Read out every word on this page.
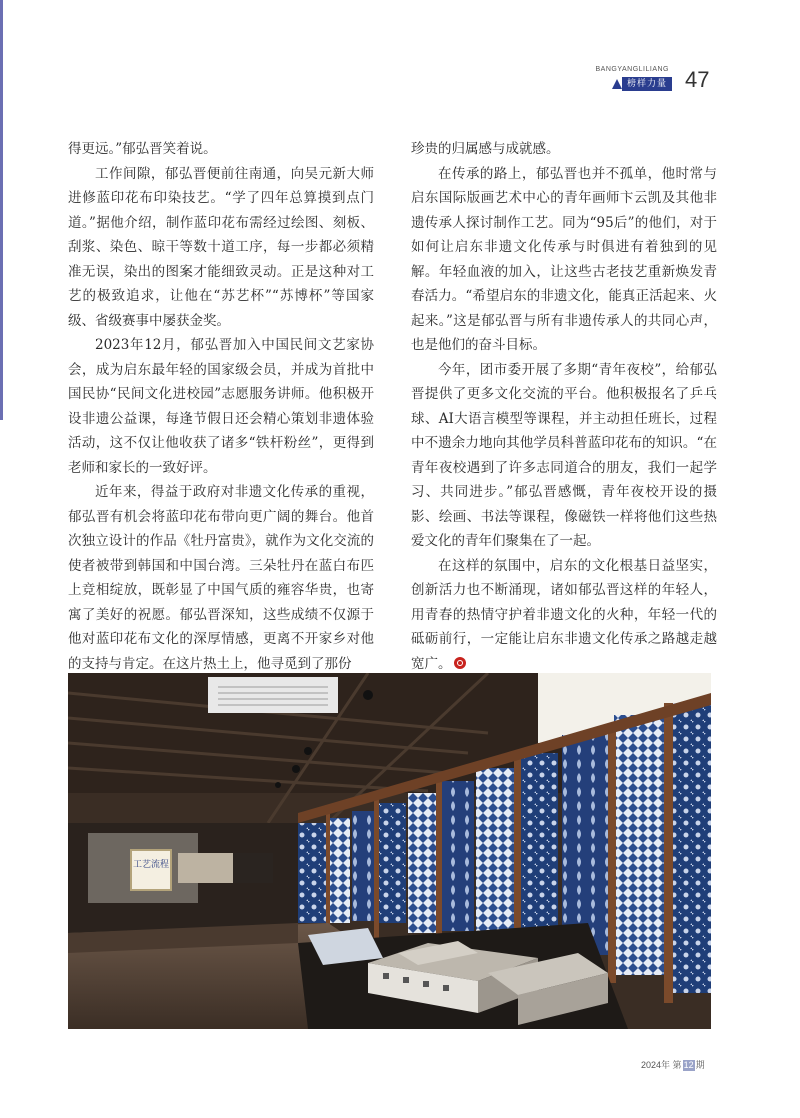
BANGYANGLILIANG
榜样力量 47

得更远。”郁弘晋笑着说。

工作间隙，郁弘晋便前往南通，向吴元新大师进修蓝印花布印染技艺。“学了四年总算摸到点门道。”据他介绍，制作蓝印花布需经过绘图、刻板、刮浆、染色、晾干等数十道工序，每一步都必须精准无误，染出的图案才能细致灵动。正是这种对工艺的极致追求，让他在“苏艺杯”“苏博杯”等国家级、省级赛事中屡获金奖。

2023年12月，郁弘晋加入中国民间文艺家协会，成为启东最年轻的国家级会员，并成为首批中国民协“民间文化进校园”志愿服务讲师。他积极开设非遗公益课，每逢节假日还会精心策划非遗体验活动，这不仅让他收获了诸多“铁杆粉丝”，更得到老师和家长的一致好评。

近年来，得益于政府对非遗文化传承的重视，郁弘晋有机会将蓝印花布带向更广阔的舞台。他首次独立设计的作品《牡丹富贵》，就作为文化交流的使者被带到韩国和中国台湾。三朵牡丹在蓝白布匹上竞相绽放，既彰显了中国气质的雍容华贵，也寄寓了美好的祝愿。郁弘晋深知，这些成绩不仅源于他对蓝印花布文化的深厚情感，更离不开家乡对他的支持与肯定。在这片热土上，他寻觅到了那份

珍贵的归属感与成就感。

在传承的路上，郁弘晋也并不孤单，他时常与启东国际版画艺术中心的青年画师卞云凯及其他非遗传承人探讨制作工艺。同为“95后”的他们，对于如何让启东非遗文化传承与时俱进有着独到的见解。年轻血液的加入，让这些古老技艺重新焕发青春活力。“希望启东的非遗文化，能真正活起来、火起来。”这是郁弘晋与所有非遗传承人的共同心声，也是他们的奋斗目标。

今年，团市委开展了多期“青年夜校”，给郁弘晋提供了更多文化交流的平台。他积极报名了乒乓球、AI大语言模型等课程，并主动担任班长，过程中不遗余力地向其他学员科普蓝印花布的知识。“在青年夜校遇到了许多志同道合的朋友，我们一起学习、共同进步。”郁弘晋感慨，青年夜校开设的摄影、绘画、书法等课程，像磁铁一样将他们这些热爱文化的青年们聚集在了一起。

在这样的氛围中，启东的文化根基日益坚实，创新活力也不断涌现，诸如郁弘晋这样的年轻人，用青春的热情守护着非遗文化的火种，年轻一代的砥砺前行，一定能让启东非遗文化传承之路越走越宽广。

工艺流程
2024年 第 12 期
